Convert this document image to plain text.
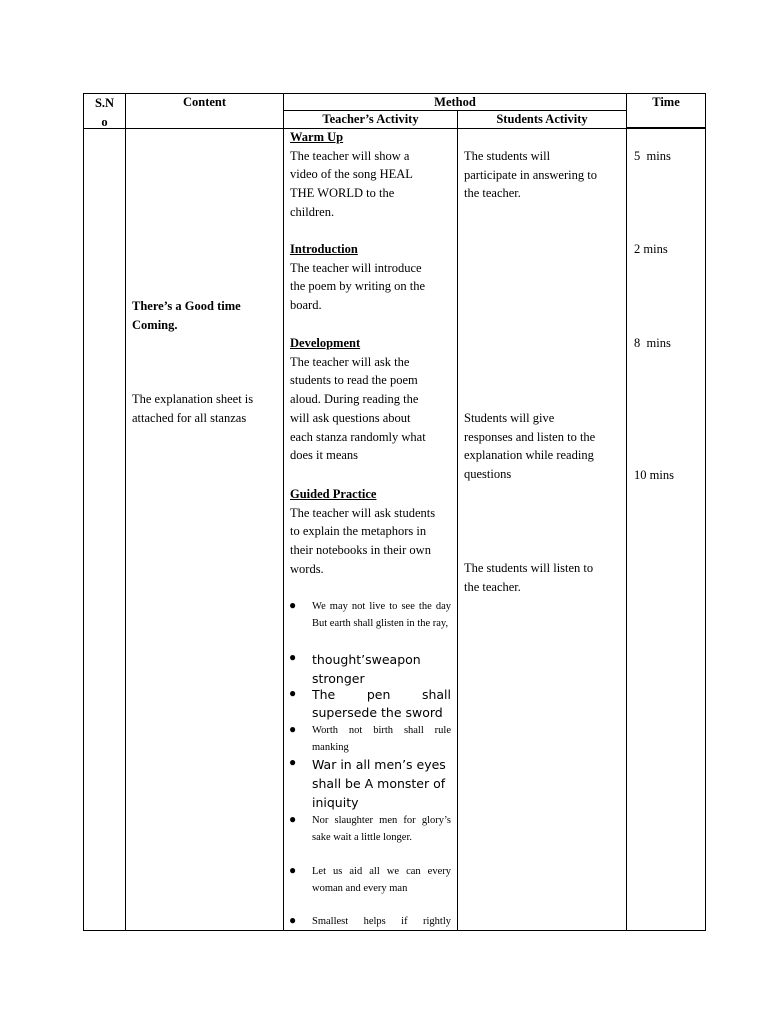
S.N
o
Content	Method
Teacher’s Activity	Students Activity
Time
There’s a Good time
Coming.
The explanation sheet is
attached for all stanzas
Warm Up
The teacher will show a
video of the song HEAL
THE WORLD to the
children.
Introduction
The teacher will introduce
the poem by writing on the
board.
Development
The teacher will ask the
students to read the poem
aloud. During reading the
will ask questions about
each stanza randomly what
does it means
Guided Practice
The teacher will ask students
to explain the metaphors in
their notebooks in their own
words.
● We may not live to see the day But earth shall glisten in the ray,
● thought’sweapon stronger
● The pen shall supersede the sword
● Worth not birth shall rule manking
● War in all men’s eyes shall be A monster of iniquity
● Nor slaughter men for glory’s sake wait a little longer.
● Let us aid all we can every woman and every man
● Smallest helps if rightly
The students will
participate in answering to
the teacher.
Students will give
responses and listen to the
explanation while reading
questions
The students will listen to
the teacher.
5  mins
2 mins
8  mins
10 mins
